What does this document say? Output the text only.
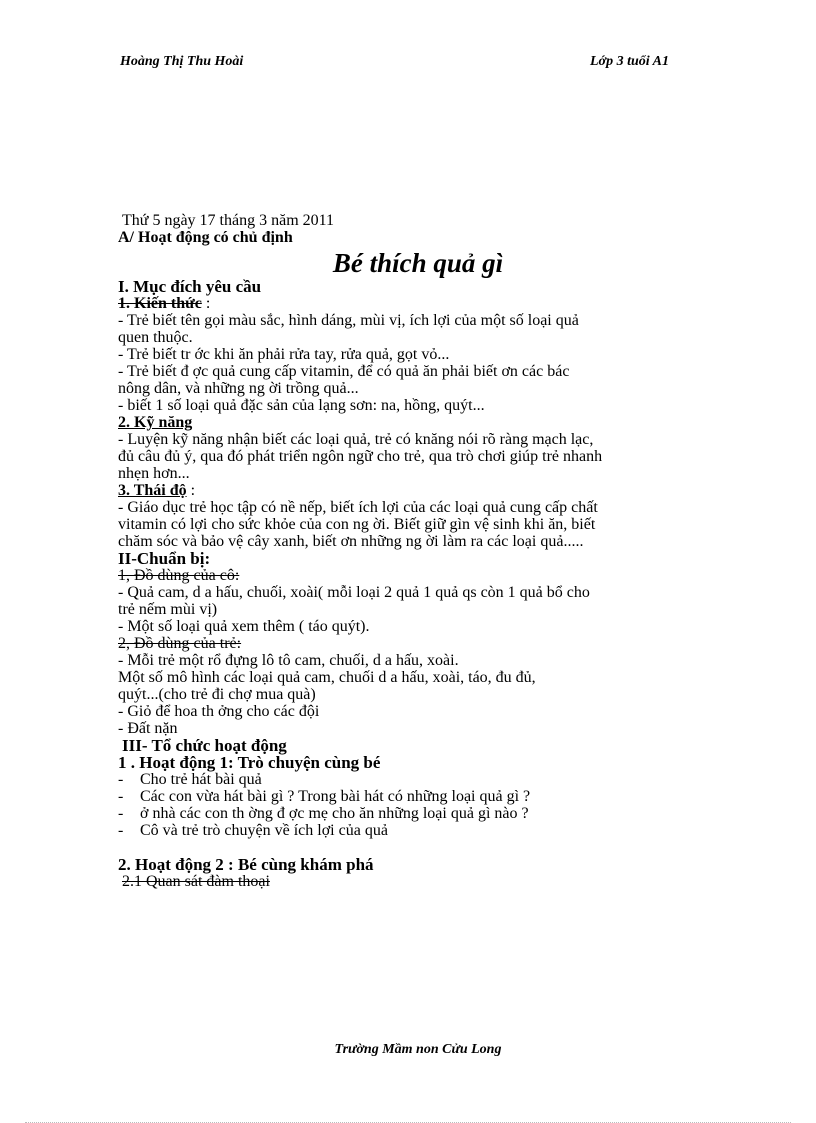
Hoàng Thị Thu Hoài	Lớp 3 tuổi A1
Thứ 5 ngày 17 tháng 3 năm 2011
A/ Hoạt động có chủ định
Bé thích quả gì
I. Mục đích yêu cầu
1. Kiến thức :
- Trẻ biết tên gọi màu sắc, hình dáng, mùi vị, ích lợi của một số loại quả
quen thuộc.
- Trẻ biết tr ớc khi ăn phải rửa tay, rửa quả, gọt vỏ...
- Trẻ biết đ ợc quả cung cấp vitamin, để có quả ăn phải biết ơn các bác
nông dân, và những ng ời trồng quả...
- biết 1 số loại quả đặc sản của lạng sơn: na, hồng, quýt...
2. Kỹ năng
- Luyện kỹ năng nhận biết các loại quả, trẻ có knăng nói rõ ràng mạch lạc,
đủ câu đủ ý, qua đó phát triển ngôn ngữ cho trẻ, qua trò chơi giúp trẻ nhanh
nhẹn hơn...
3. Thái độ :
- Giáo dục trẻ học tập có nề nếp, biết ích lợi của các loại quả cung cấp chất
vitamin có lợi cho sức khỏe của con ng ời. Biết giữ gìn vệ sinh khi ăn, biết
chăm sóc và bảo vệ cây xanh, biết ơn những ng ời làm ra các loại quả.....
II-Chuẩn bị:
1, Đồ dùng của cô:
- Quả cam, d a hấu, chuối, xoài( mỗi loại 2 quả 1 quả qs còn 1 quả bổ cho
trẻ nếm mùi vị)
- Một số loại quả xem thêm ( táo quýt).
2, Đồ dùng của trẻ:
- Mỗi trẻ một rổ đựng lô tô cam, chuối, d a hấu, xoài.
Một số mô hình các loại quả cam, chuối d a hấu, xoài, táo, đu đủ,
quýt...(cho trẻ đi chợ mua quà)
- Giỏ để hoa th ởng cho các đội
- Đất nặn
III- Tổ chức hoạt động
1 . Hoạt động 1: Trò chuyện cùng bé
-	Cho trẻ hát bài quả
-	Các con vừa hát bài gì ? Trong bài hát có những loại quả gì ?
-	ở nhà các con th ờng đ ợc mẹ cho ăn những loại quả gì nào ?
-	Cô và trẻ trò chuyện về ích lợi của quả
2. Hoạt động 2 : Bé cùng khám phá
2.1 Quan sát đàm thoại
Trường Mầm non Cửu Long
